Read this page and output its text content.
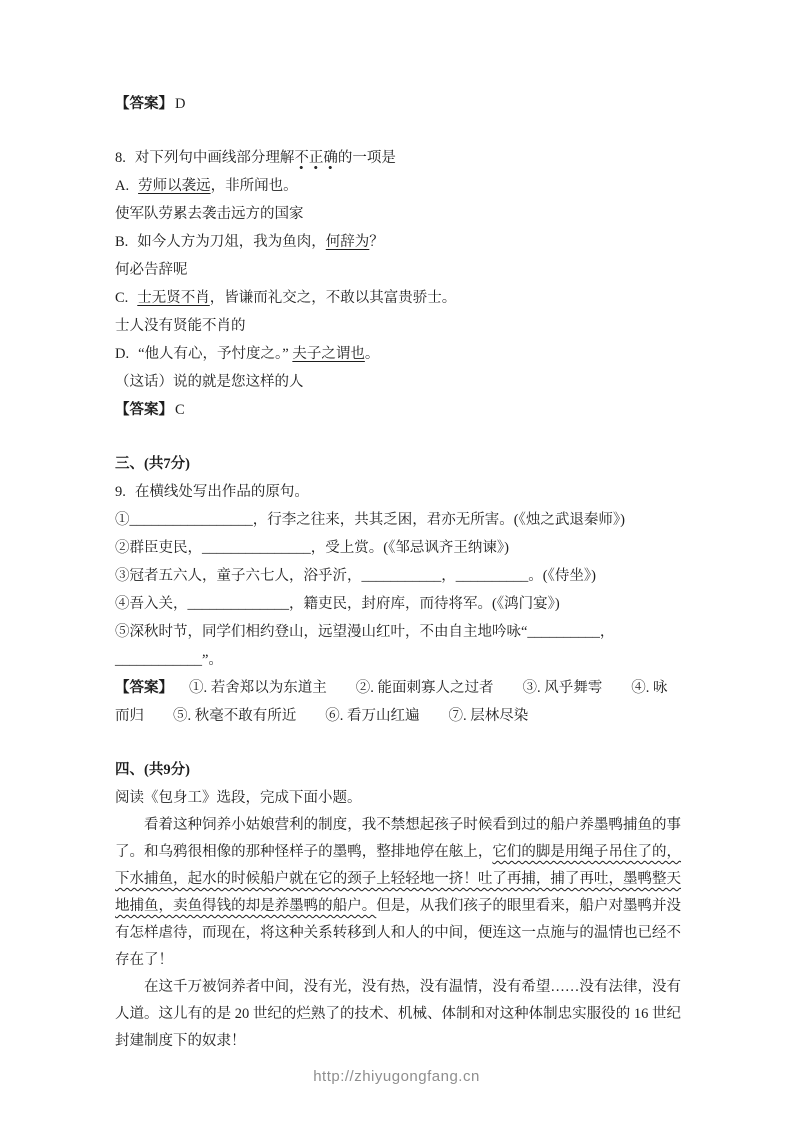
【答案】 D

8. 对下列句中画线部分理解不正确的一项是

A. 劳师以袭远，非所闻也。

使军队劳累去袭击远方的国家

B. 如今人方为刀俎，我为鱼肉，何辞为？

何必告辞呢

C. 士无贤不肖，皆谦而礼交之，不敢以其富贵骄士。

士人没有贤能不肖的

D. “他人有心，予忖度之。” 夫子之谓也。

（这话）说的就是您这样的人

【答案】 C

三、(共7分)

9. 在横线处写出作品的原句。

①_________________，行李之往来，共其乏困，君亦无所害。(《烛之武退秦师》)

②群臣吏民，_______________，受上赏。(《邹忌讽齐王纳谏》)

③冠者五六人，童子六七人，浴乎沂，___________，__________。(《侍坐》)

④吾入关，______________，籍吏民，封府库，而待将军。(《鸿门宴》)

⑤深秋时节，同学们相约登山，远望漫山红叶，不由自主地吟咏“__________，____________”。

【答案】 ①. 若舍郑以为东道主　　②. 能面刺寡人之过者　　③. 风乎舞雩　　④. 咏而归　　⑤. 秋毫不敢有所近　　⑥. 看万山红遍　　⑦. 层林尽染

四、(共9分)

阅读《包身工》选段，完成下面小题。

看着这种饲养小姑娘营利的制度，我不禁想起孩子时候看到过的船户养墨鸭捕鱼的事了。和乌鸦很相像的那种怪样子的墨鸭，整排地停在舷上，它们的脚是用绳子吊住了的，下水捕鱼，起水的时候船户就在它的颈子上轻轻地一挤！吐了再捕，捕了再吐，墨鸭整天地捕鱼，卖鱼得钱的却是养墨鸭的船户。但是，从我们孩子的眼里看来，船户对墨鸭并没有怎样虐待，而现在，将这种关系转移到人和人的中间，便连这一点施与的温情也已经不存在了！

在这千万被饲养者中间，没有光，没有热，没有温情，没有希望……没有法律，没有人道。这儿有的是 20 世纪的烂熟了的技术、机械、体制和对这种体制忠实服役的 16 世纪封建制度下的奴隶！

http://zhiyugongfang.cn
